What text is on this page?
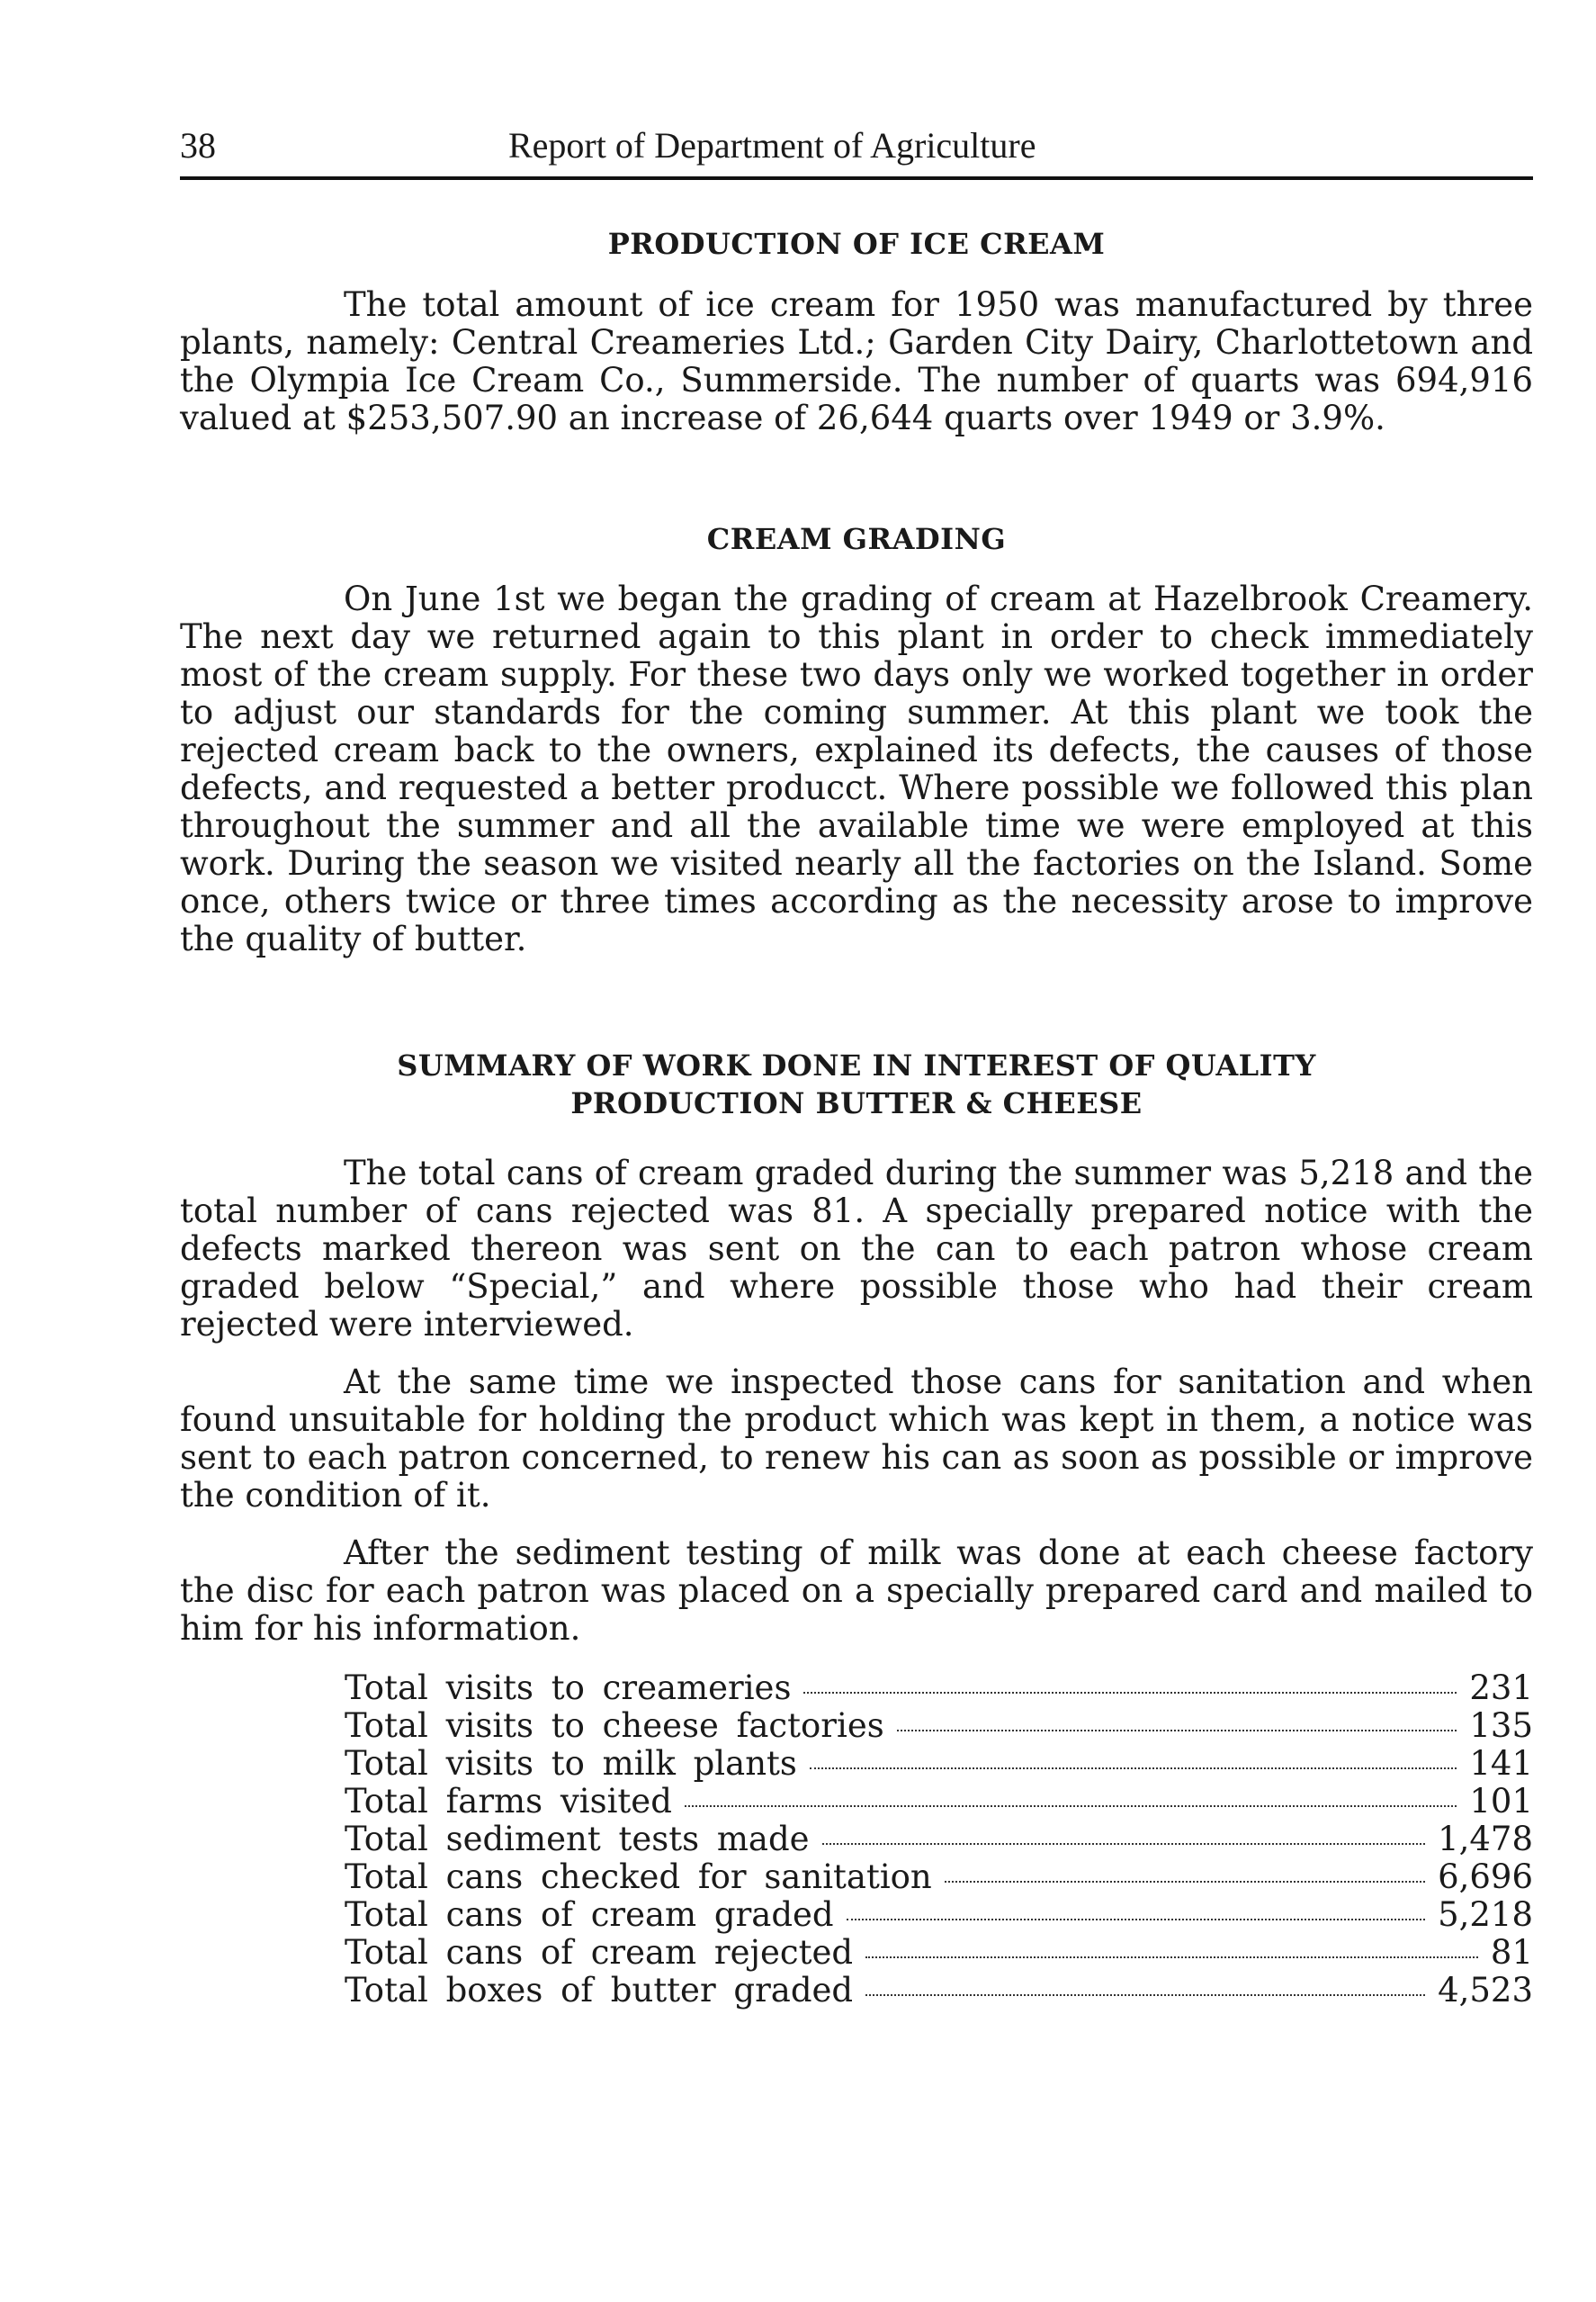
38	Report of Department of Agriculture
PRODUCTION OF ICE CREAM

The total amount of ice cream for 1950 was manufactured by three plants, namely: Central Creameries Ltd.; Garden City Dairy, Charlottetown and the Olympia Ice Cream Co., Summerside. The number of quarts was 694,916 valued at $253,507.90 an increase of 26,644 quarts over 1949 or 3.9%.

CREAM GRADING

On June 1st we began the grading of cream at Hazelbrook Creamery. The next day we returned again to this plant in order to check immediately most of the cream supply. For these two days only we worked together in order to adjust our standards for the coming summer. At this plant we took the rejected cream back to the owners, explained its defects, the causes of those defects, and requested a better producct. Where possible we followed this plan throughout the summer and all the available time we were employed at this work. During the season we visited nearly all the factories on the Island. Some once, others twice or three times according as the necessity arose to improve the quality of butter.

SUMMARY OF WORK DONE IN INTEREST OF QUALITY
PRODUCTION BUTTER & CHEESE

The total cans of cream graded during the summer was 5,218 and the total number of cans rejected was 81. A specially prepared notice with the defects marked thereon was sent on the can to each patron whose cream graded below “Special,” and where possible those who had their cream rejected were interviewed.

At the same time we inspected those cans for sanitation and when found unsuitable for holding the product which was kept in them, a notice was sent to each patron concerned, to renew his can as soon as possible or improve the condition of it.

After the sediment testing of milk was done at each cheese factory the disc for each patron was placed on a specially prepared card and mailed to him for his information.

Total visits to creameries	231
Total visits to cheese factories	135
Total visits to milk plants	141
Total farms visited	101
Total sediment tests made	1,478
Total cans checked for sanitation	6,696
Total cans of cream graded	5,218
Total cans of cream rejected	81
Total boxes of butter graded	4,523
